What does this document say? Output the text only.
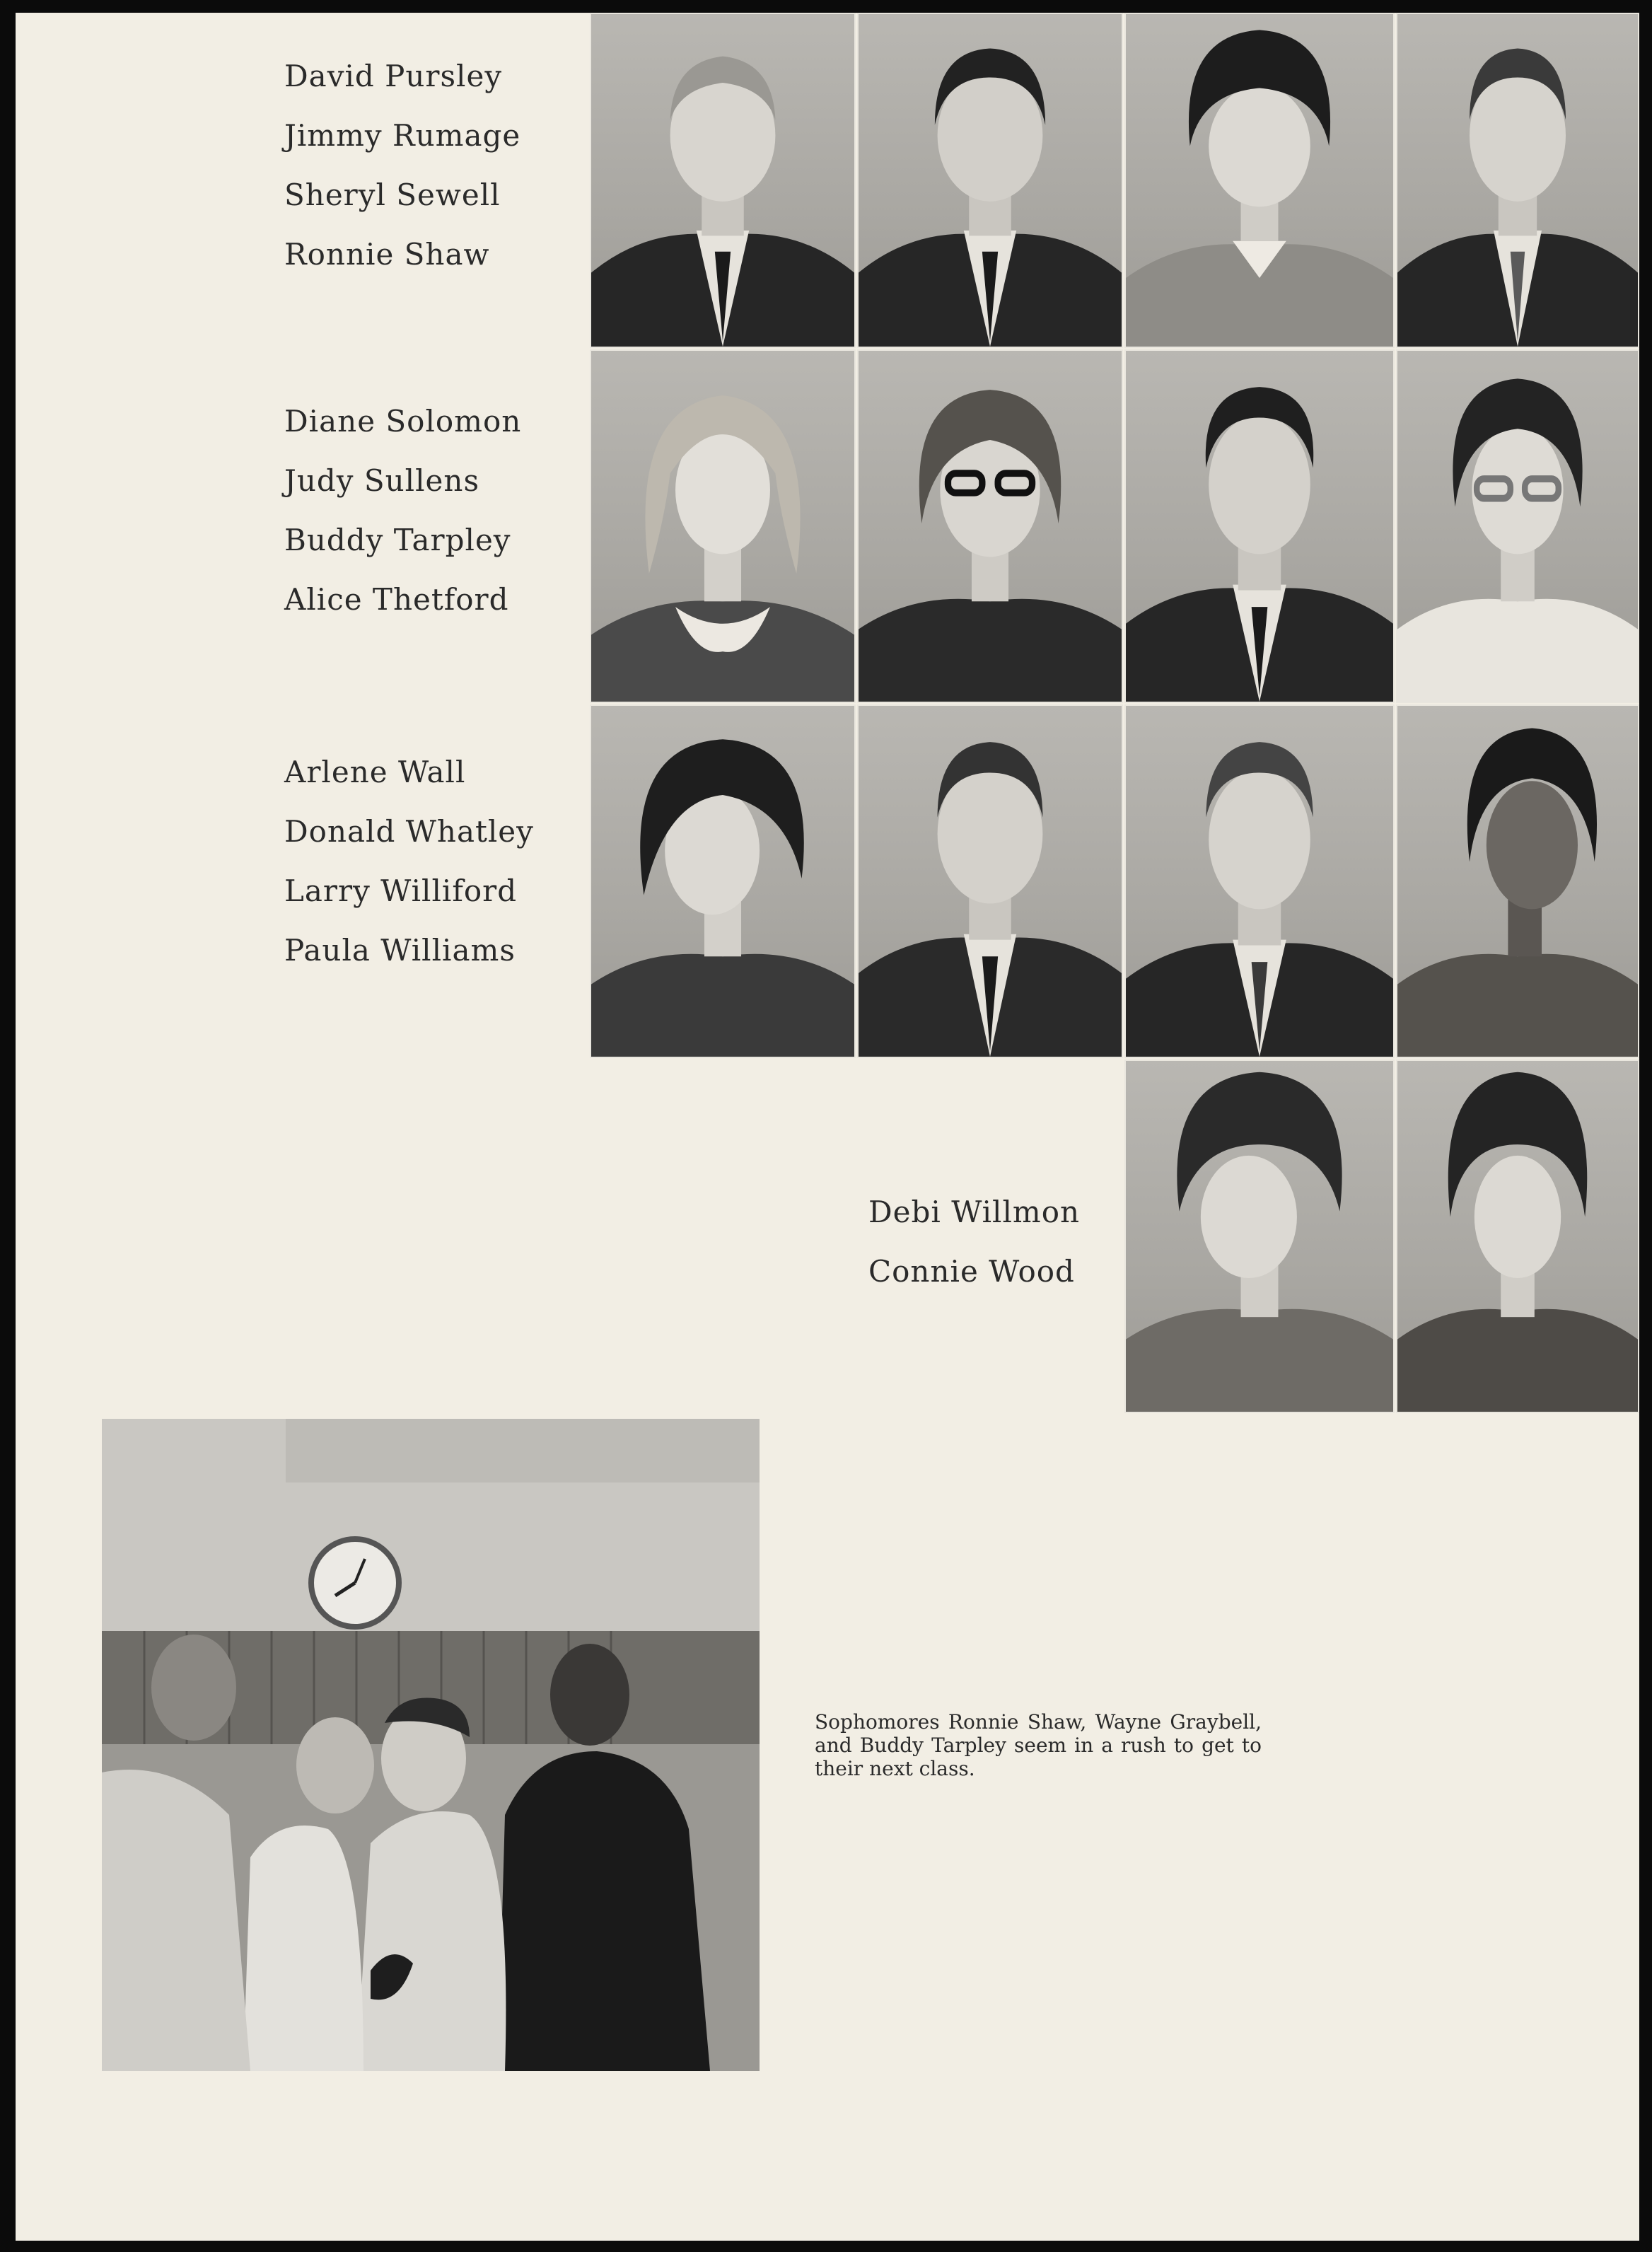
David Pursley
Jimmy Rumage
Sheryl Sewell
Ronnie Shaw
Diane Solomon
Judy Sullens
Buddy Tarpley
Alice Thetford
Arlene Wall
Donald Whatley
Larry Williford
Paula Williams
Debi Willmon
Connie Wood
Sophomores Ronnie Shaw, Wayne Graybell, and Buddy Tarpley seem in a rush to get to their next class.
